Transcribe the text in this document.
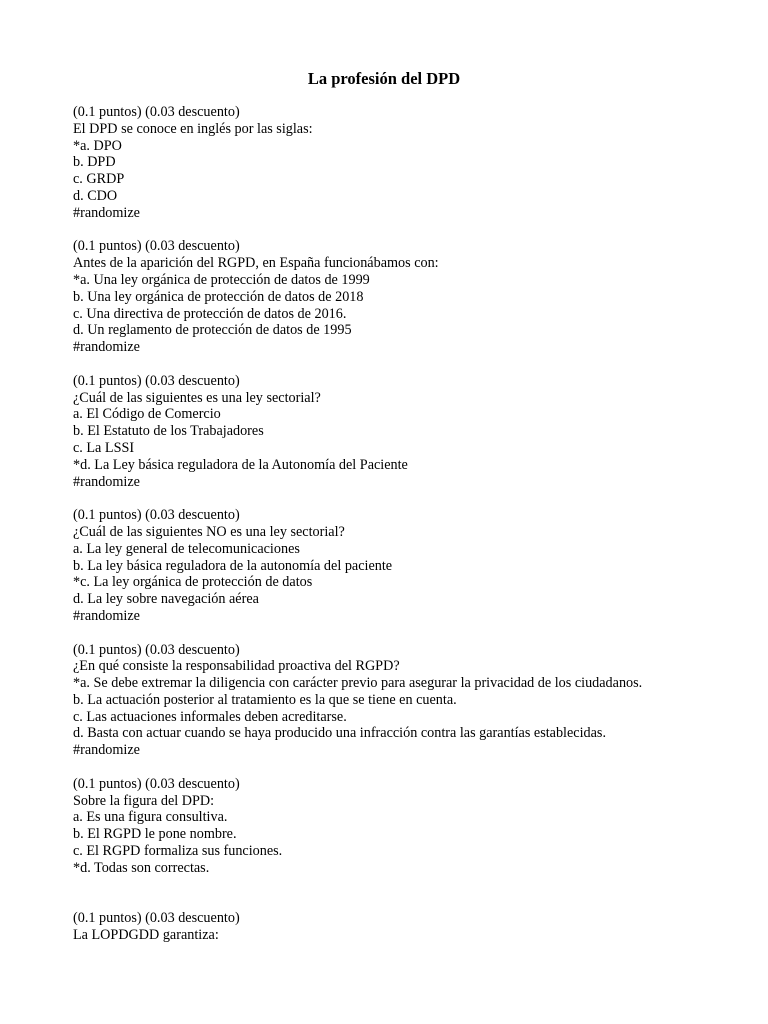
La profesión del DPD
(0.1 puntos) (0.03 descuento)
El DPD se conoce en inglés por las siglas:
*a. DPO
b. DPD
c. GRDP
d. CDO
#randomize
(0.1 puntos) (0.03 descuento)
Antes de la aparición del RGPD, en España funcionábamos con:
*a. Una ley orgánica de protección de datos de 1999
b. Una ley orgánica de protección de datos de 2018
c. Una directiva de protección de datos de 2016.
d. Un reglamento de protección de datos de 1995
#randomize
(0.1 puntos) (0.03 descuento)
¿Cuál de las siguientes es una ley sectorial?
a. El Código de Comercio
b. El Estatuto de los Trabajadores
c. La LSSI
*d. La Ley básica reguladora de la Autonomía del Paciente
#randomize
(0.1 puntos) (0.03 descuento)
¿Cuál de las siguientes NO es una ley sectorial?
a. La ley general de telecomunicaciones
b. La ley básica reguladora de la autonomía del paciente
*c. La ley orgánica de protección de datos
d. La ley sobre navegación aérea
#randomize
(0.1 puntos) (0.03 descuento)
¿En qué consiste la responsabilidad proactiva del RGPD?
*a. Se debe extremar la diligencia con carácter previo para asegurar la privacidad de los ciudadanos.
b. La actuación posterior al tratamiento es la que se tiene en cuenta.
c. Las actuaciones informales deben acreditarse.
d. Basta con actuar cuando se haya producido una infracción contra las garantías establecidas.
#randomize
(0.1 puntos) (0.03 descuento)
Sobre la figura del DPD:
a. Es una figura consultiva.
b. El RGPD le pone nombre.
c. El RGPD formaliza sus funciones.
*d. Todas son correctas.
(0.1 puntos) (0.03 descuento)
La LOPDGDD garantiza:
